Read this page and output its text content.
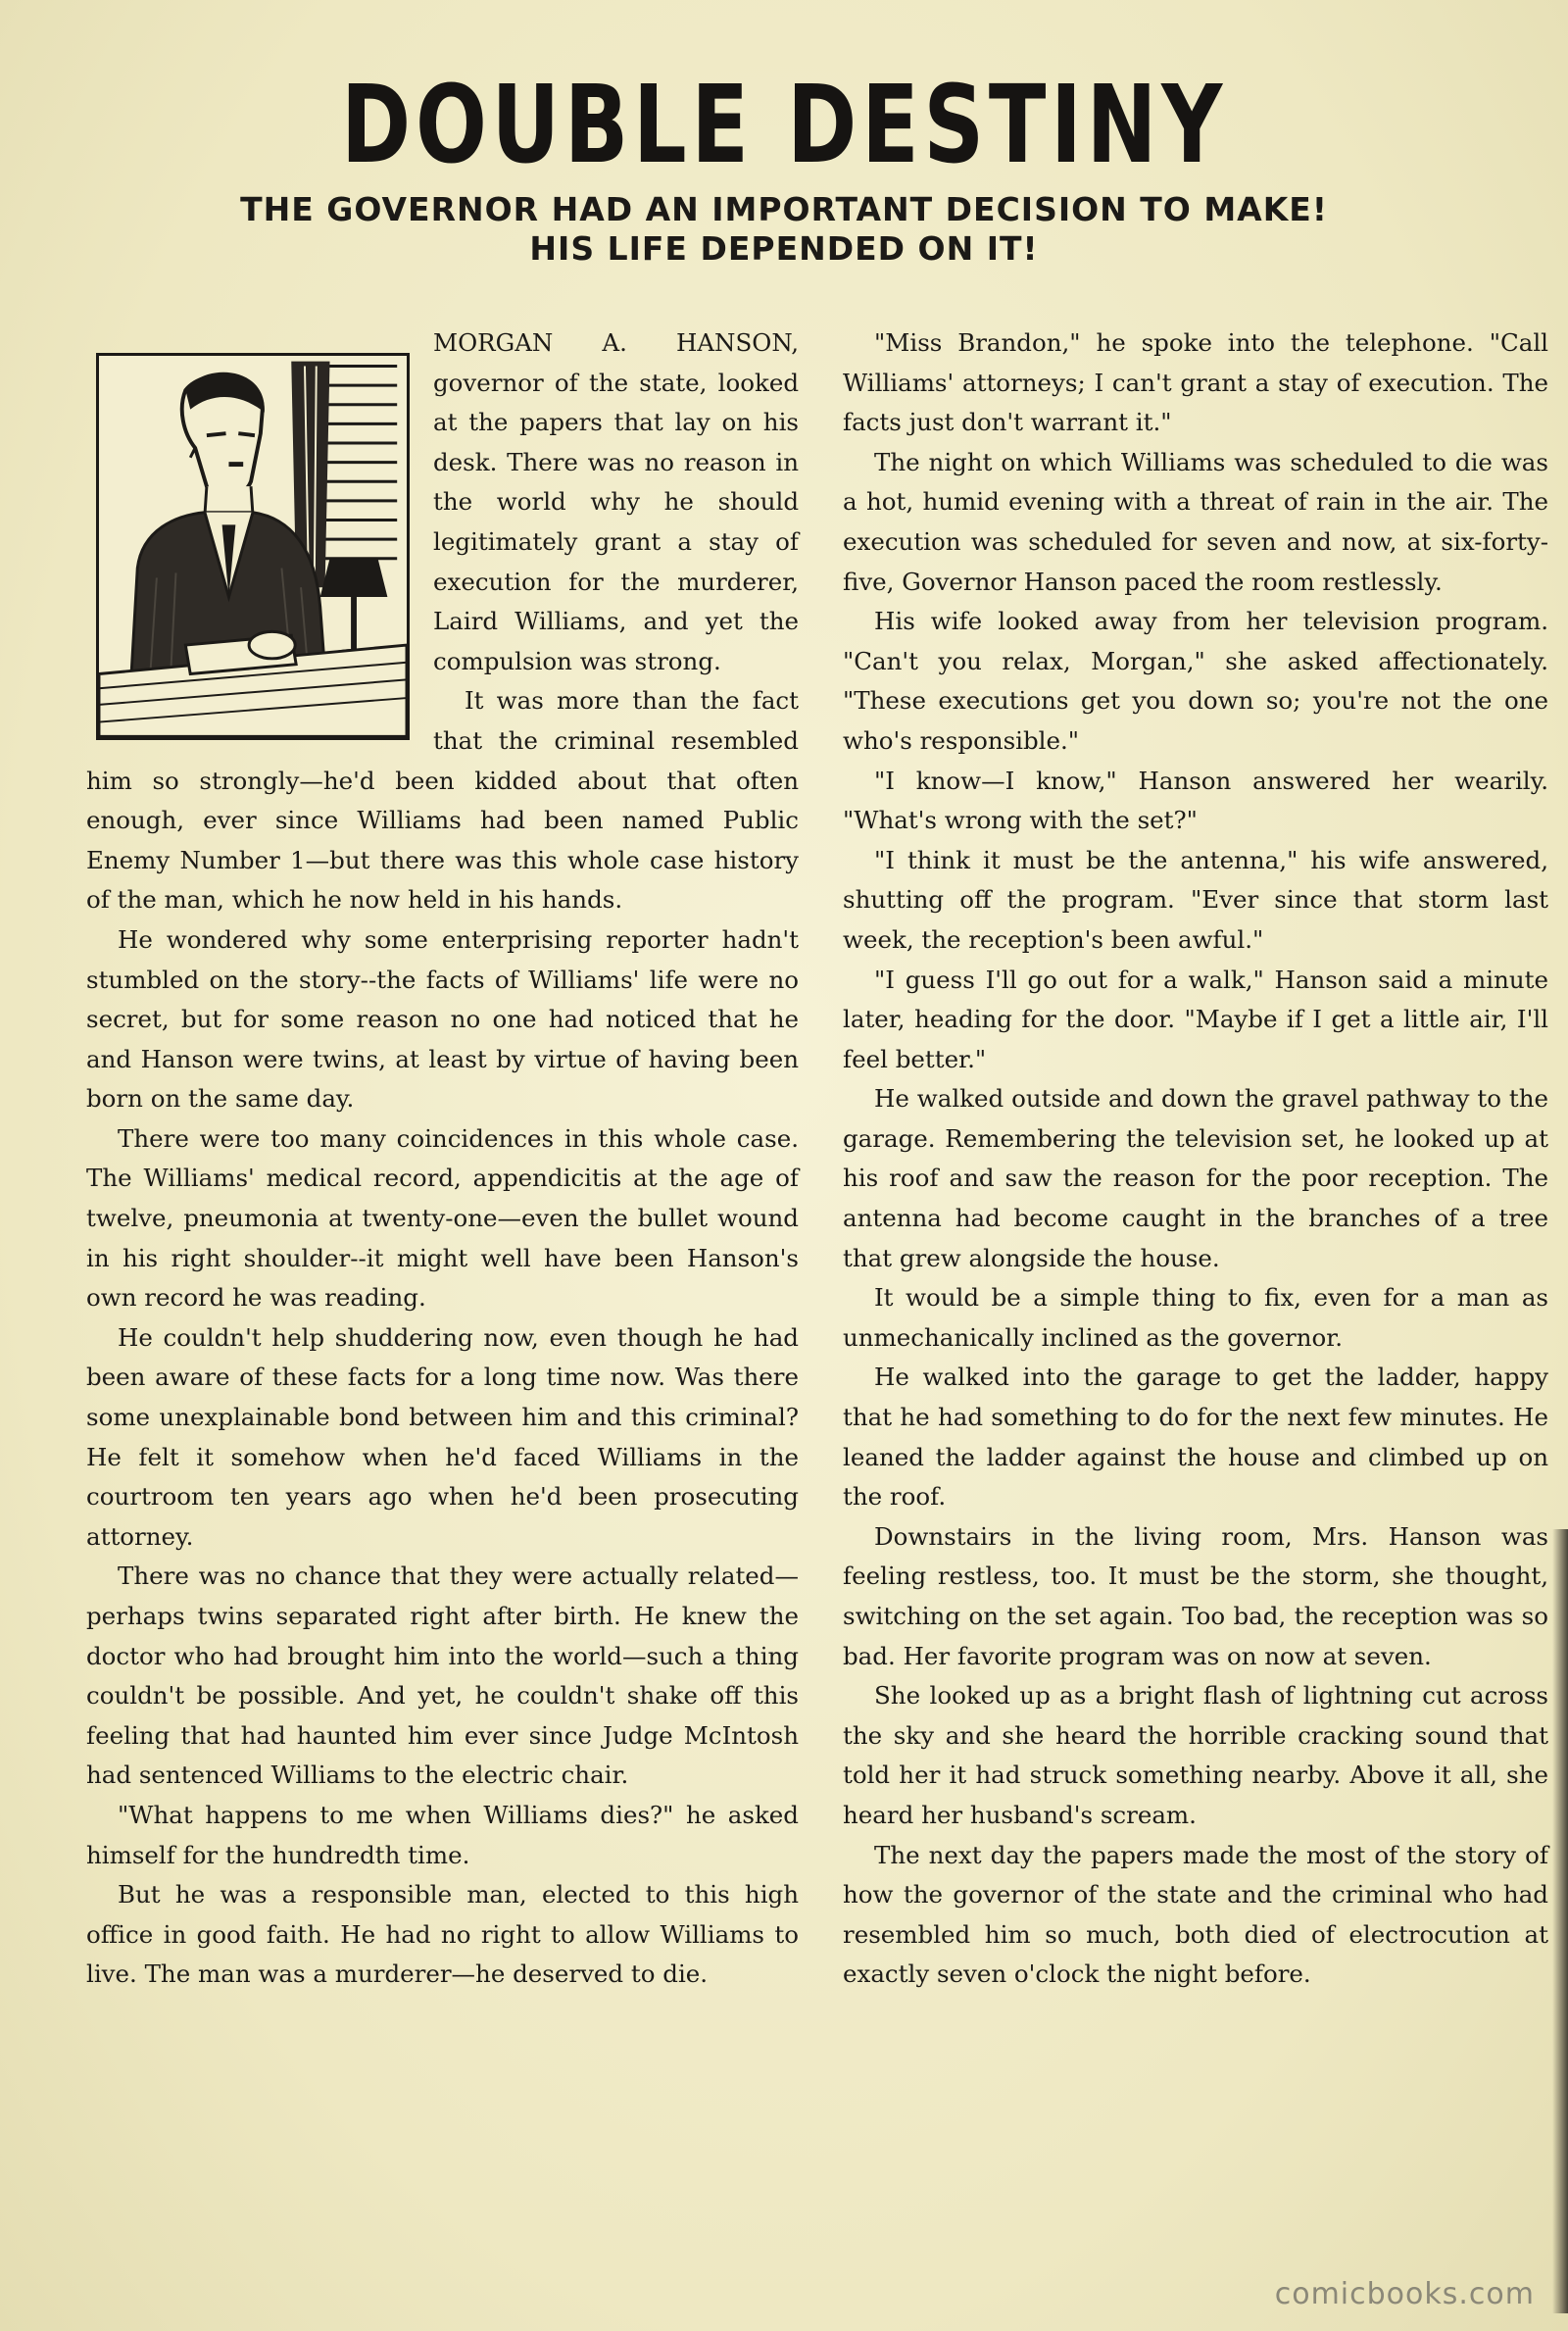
DOUBLE DESTINY
THE GOVERNOR HAD AN IMPORTANT DECISION TO MAKE!
HIS LIFE DEPENDED ON IT!

MORGAN A. HANSON, governor of the state, looked at the papers that lay on his desk. There was no reason in the world why he should legitimately grant a stay of execution for the murderer, Laird Williams, and yet the compulsion was strong.

It was more than the fact that the criminal resembled him so strongly—he'd been kidded about that often enough, ever since Williams had been named Public Enemy Number 1—but there was this whole case history of the man, which he now held in his hands.

He wondered why some enterprising reporter hadn't stumbled on the story--the facts of Williams' life were no secret, but for some reason no one had noticed that he and Hanson were twins, at least by virtue of having been born on the same day.

There were too many coincidences in this whole case. The Williams' medical record, appendicitis at the age of twelve, pneumonia at twenty-one—even the bullet wound in his right shoulder--it might well have been Hanson's own record he was reading.

He couldn't help shuddering now, even though he had been aware of these facts for a long time now. Was there some unexplainable bond between him and this criminal? He felt it somehow when he'd faced Williams in the courtroom ten years ago when he'd been prosecuting attorney.

There was no chance that they were actually related—perhaps twins separated right after birth. He knew the doctor who had brought him into the world—such a thing couldn't be possible. And yet, he couldn't shake off this feeling that had haunted him ever since Judge McIntosh had sentenced Williams to the electric chair.

"What happens to me when Williams dies?" he asked himself for the hundredth time.

But he was a responsible man, elected to this high office in good faith. He had no right to allow Williams to live. The man was a murderer—he deserved to die.

"Miss Brandon," he spoke into the telephone. "Call Williams' attorneys; I can't grant a stay of execution. The facts just don't warrant it."

The night on which Williams was scheduled to die was a hot, humid evening with a threat of rain in the air. The execution was scheduled for seven and now, at six-forty-five, Governor Hanson paced the room restlessly.

His wife looked away from her television program. "Can't you relax, Morgan," she asked affectionately. "These executions get you down so; you're not the one who's responsible."

"I know—I know," Hanson answered her wearily. "What's wrong with the set?"

"I think it must be the antenna," his wife answered, shutting off the program. "Ever since that storm last week, the reception's been awful."

"I guess I'll go out for a walk," Hanson said a minute later, heading for the door. "Maybe if I get a little air, I'll feel better."

He walked outside and down the gravel pathway to the garage. Remembering the television set, he looked up at his roof and saw the reason for the poor reception. The antenna had become caught in the branches of a tree that grew alongside the house.

It would be a simple thing to fix, even for a man as unmechanically inclined as the governor.

He walked into the garage to get the ladder, happy that he had something to do for the next few minutes. He leaned the ladder against the house and climbed up on the roof.

Downstairs in the living room, Mrs. Hanson was feeling restless, too. It must be the storm, she thought, switching on the set again. Too bad, the reception was so bad. Her favorite program was on now at seven.

She looked up as a bright flash of lightning cut across the sky and she heard the horrible cracking sound that told her it had struck something nearby. Above it all, she heard her husband's scream.

The next day the papers made the most of the story of how the governor of the state and the criminal who had resembled him so much, both died of electrocution at exactly seven o'clock the night before.

comicbooks.com
